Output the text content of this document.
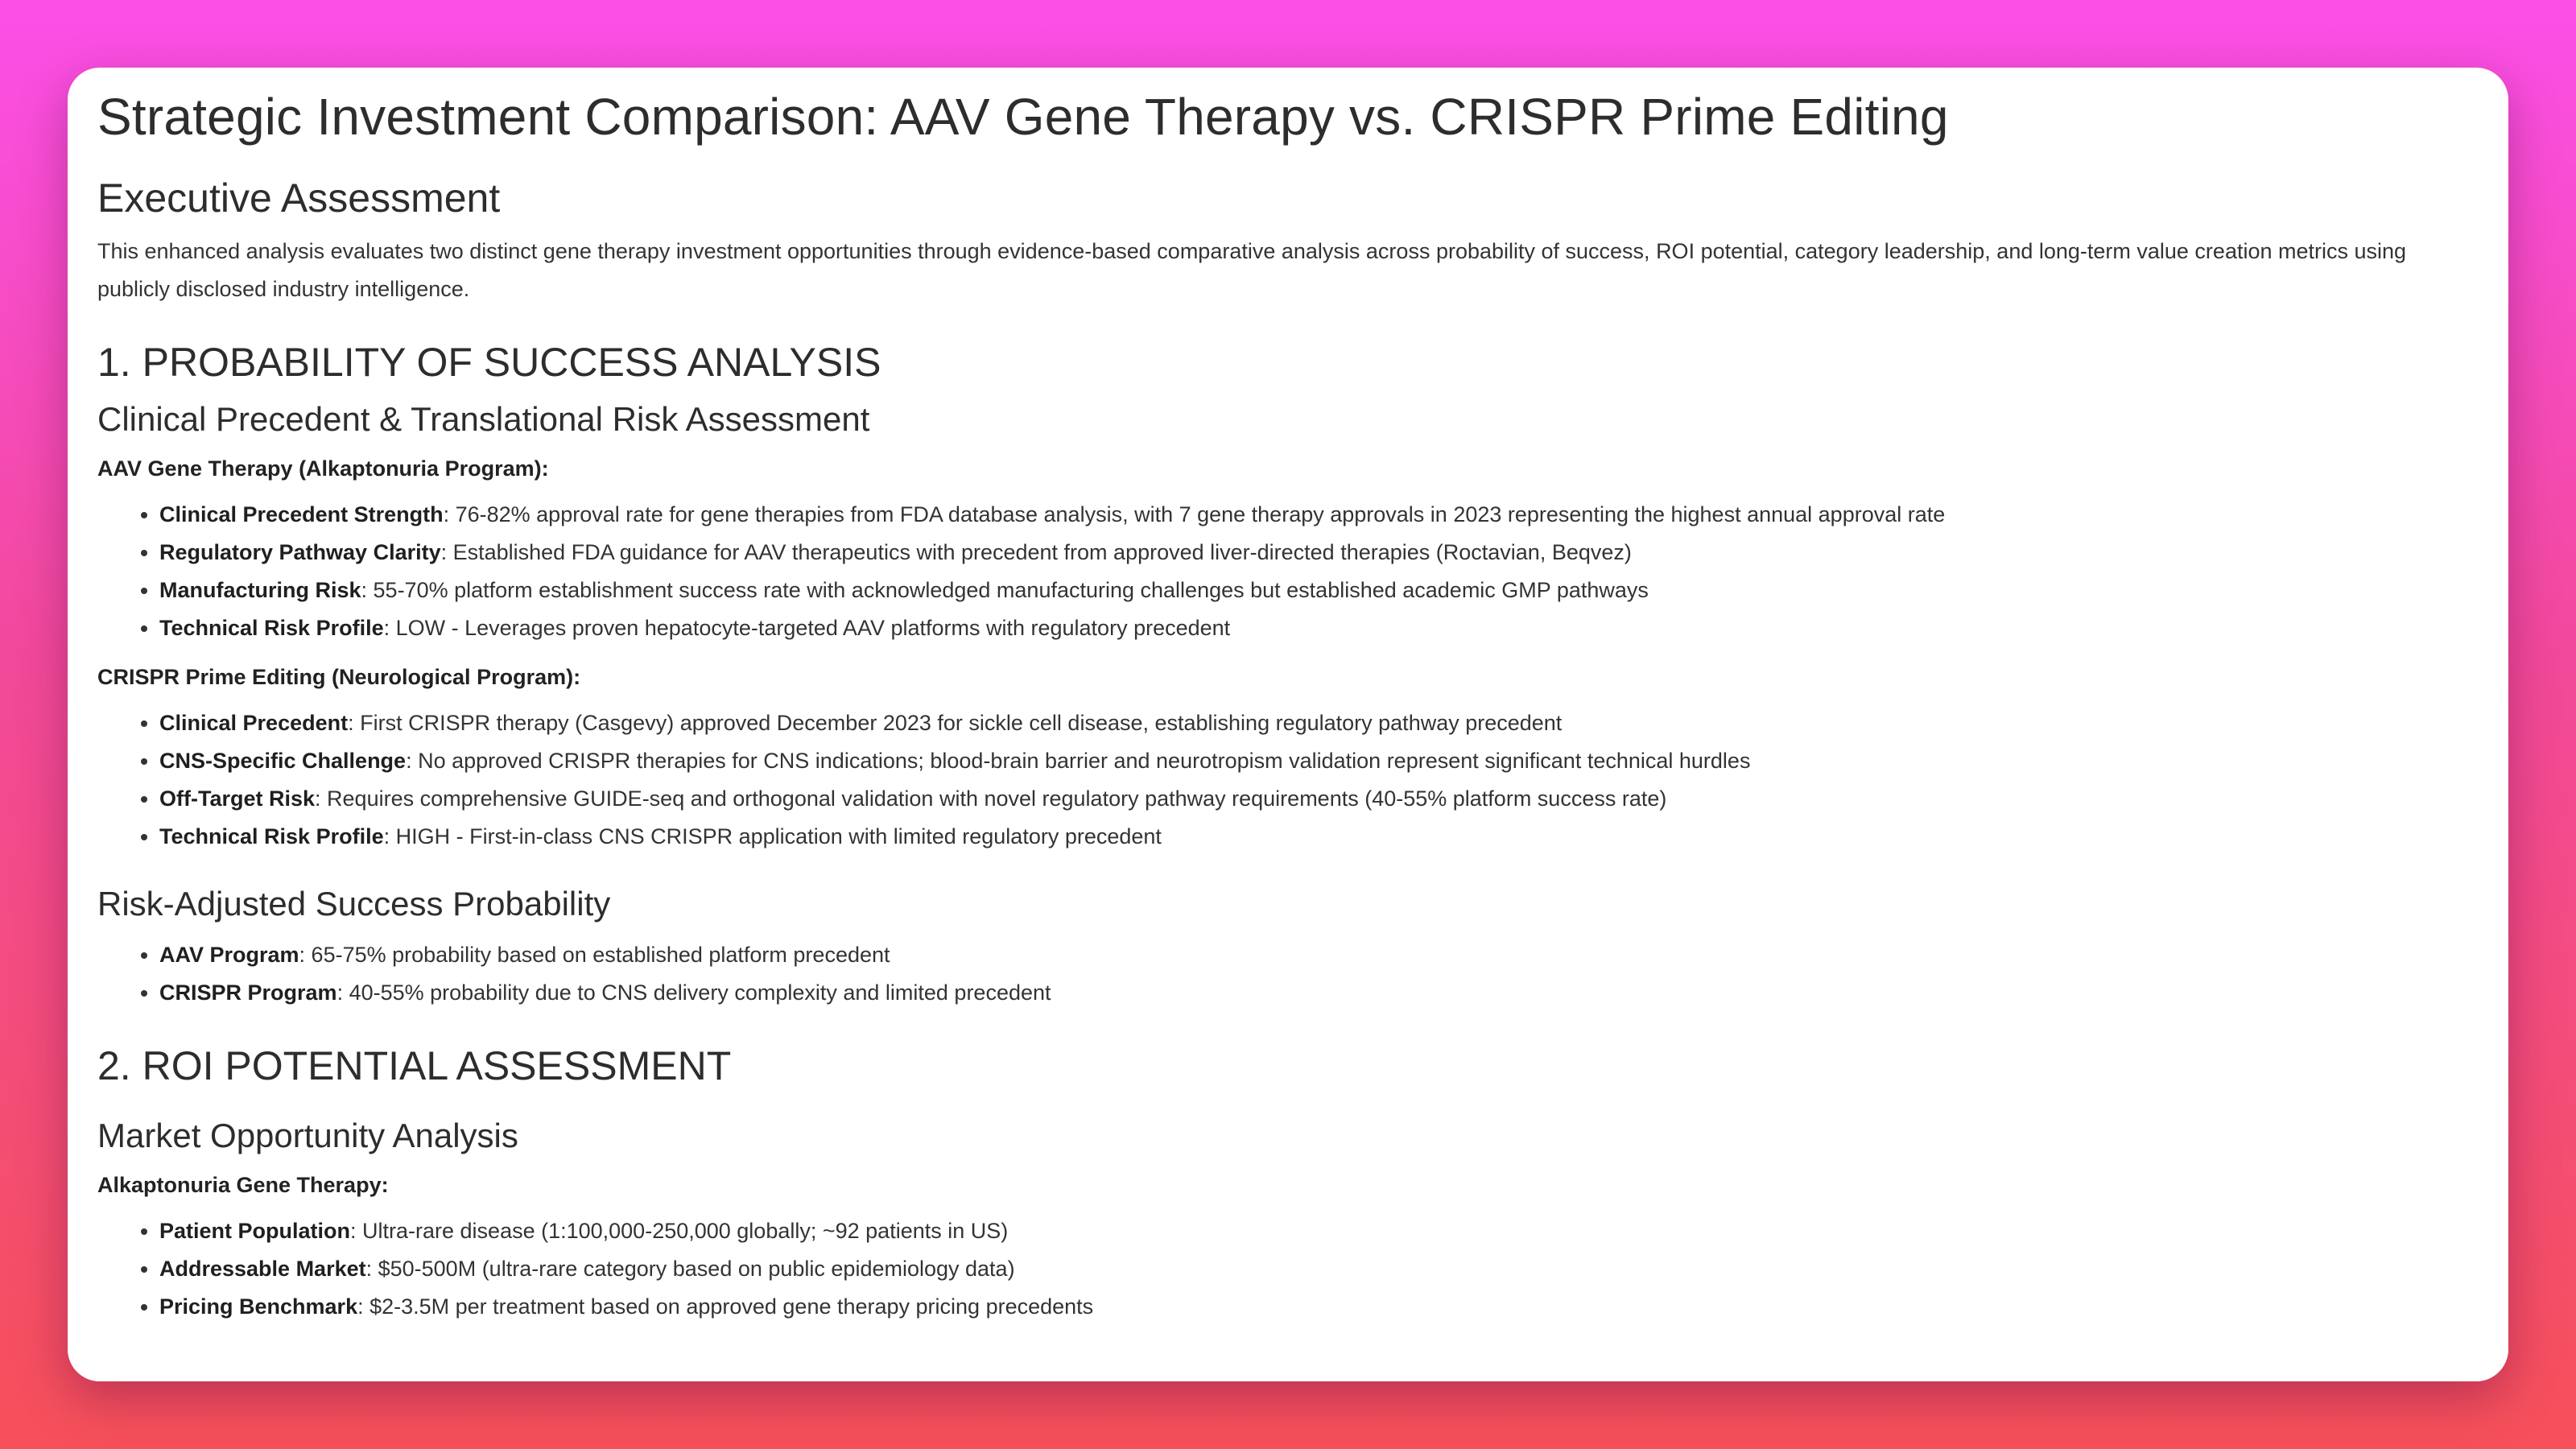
Strategic Investment Comparison: AAV Gene Therapy vs. CRISPR Prime Editing
Executive Assessment

This enhanced analysis evaluates two distinct gene therapy investment opportunities through evidence-based comparative analysis across probability of success, ROI potential, category leadership, and long-term value creation metrics using publicly disclosed industry intelligence.

1. PROBABILITY OF SUCCESS ANALYSIS
Clinical Precedent & Translational Risk Assessment

AAV Gene Therapy (Alkaptonuria Program):

• Clinical Precedent Strength: 76-82% approval rate for gene therapies from FDA database analysis, with 7 gene therapy approvals in 2023 representing the highest annual approval rate
• Regulatory Pathway Clarity: Established FDA guidance for AAV therapeutics with precedent from approved liver-directed therapies (Roctavian, Beqvez)
• Manufacturing Risk: 55-70% platform establishment success rate with acknowledged manufacturing challenges but established academic GMP pathways
• Technical Risk Profile: LOW - Leverages proven hepatocyte-targeted AAV platforms with regulatory precedent

CRISPR Prime Editing (Neurological Program):

• Clinical Precedent: First CRISPR therapy (Casgevy) approved December 2023 for sickle cell disease, establishing regulatory pathway precedent
• CNS-Specific Challenge: No approved CRISPR therapies for CNS indications; blood-brain barrier and neurotropism validation represent significant technical hurdles
• Off-Target Risk: Requires comprehensive GUIDE-seq and orthogonal validation with novel regulatory pathway requirements (40-55% platform success rate)
• Technical Risk Profile: HIGH - First-in-class CNS CRISPR application with limited regulatory precedent
Risk-Adjusted Success Probability
• AAV Program: 65-75% probability based on established platform precedent
• CRISPR Program: 40-55% probability due to CNS delivery complexity and limited precedent
2. ROI POTENTIAL ASSESSMENT
Market Opportunity Analysis

Alkaptonuria Gene Therapy:

• Patient Population: Ultra-rare disease (1:100,000-250,000 globally; ~92 patients in US)
• Addressable Market: $50-500M (ultra-rare category based on public epidemiology data)
• Pricing Benchmark: $2-3.5M per treatment based on approved gene therapy pricing precedents
